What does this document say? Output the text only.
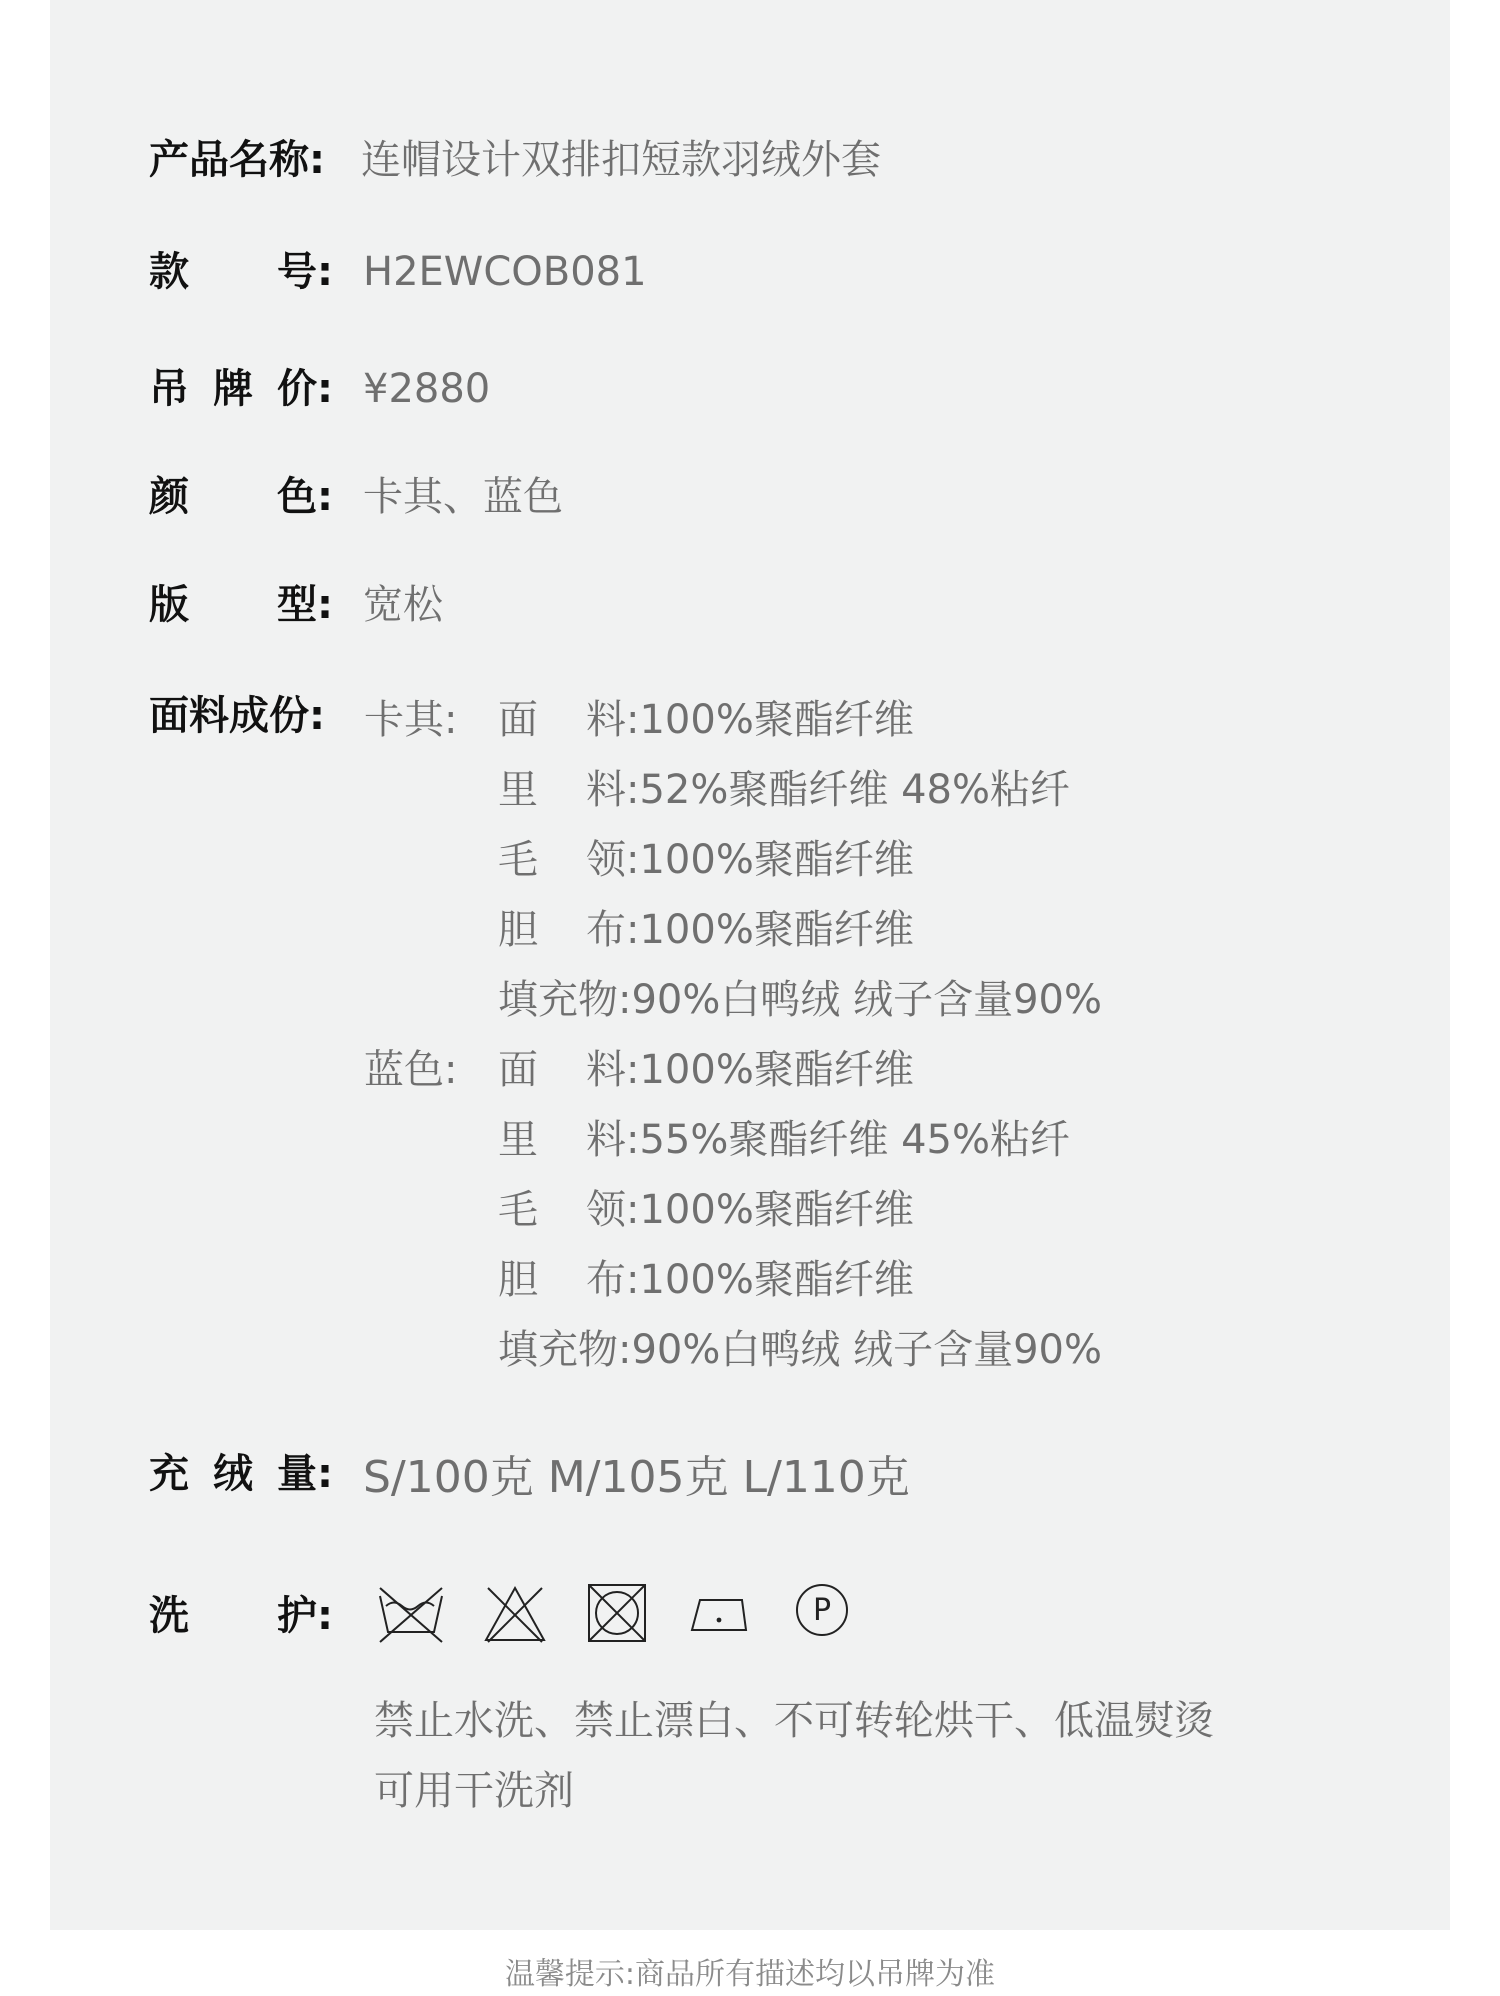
产品名称: 连帽设计双排扣短款羽绒外套
款 号: H2EWCOB081
吊 牌 价: ¥2880
颜 色: 卡其、蓝色
版 型: 宽松
面料成份: 卡其: 面 料:100%聚酯纤维
里 料:52%聚酯纤维 48%粘纤
毛 领:100%聚酯纤维
胆 布:100%聚酯纤维
填充物:90%白鸭绒 绒子含量90%
蓝色: 面 料:100%聚酯纤维
里 料:55%聚酯纤维 45%粘纤
毛 领:100%聚酯纤维
胆 布:100%聚酯纤维
填充物:90%白鸭绒 绒子含量90%
充 绒 量: S/100克 M/105克 L/110克
洗 护:	P
禁止水洗、禁止漂白、不可转轮烘干、低温熨烫
可用干洗剂
温馨提示:商品所有描述均以吊牌为准
